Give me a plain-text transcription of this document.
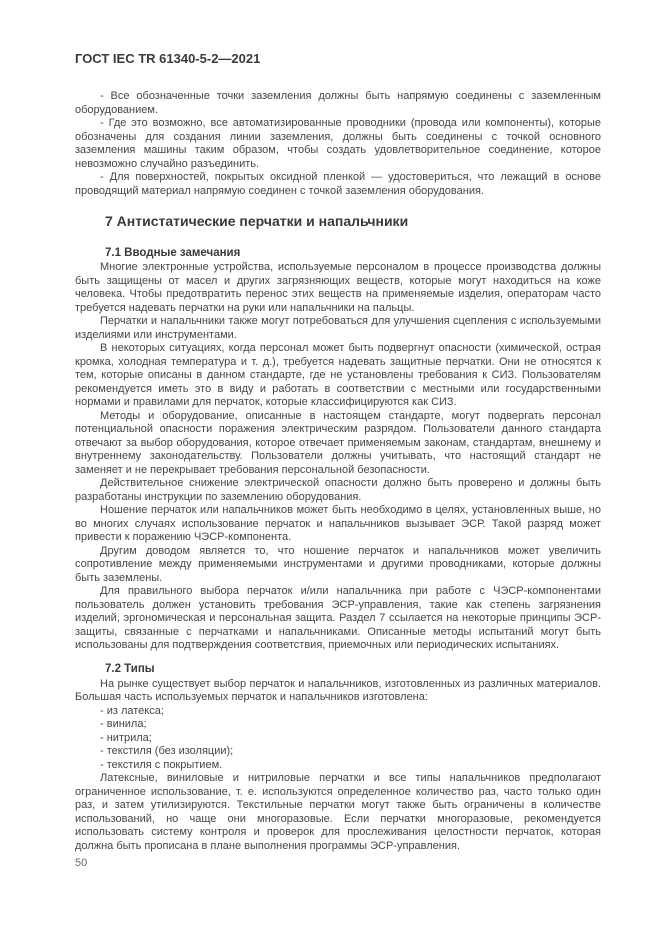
ГОСТ IEC TR 61340-5-2—2021

- Все обозначенные точки заземления должны быть напрямую соединены с заземленным оборудованием.

- Где это возможно, все автоматизированные проводники (провода или компоненты), которые обозначены для создания линии заземления, должны быть соединены с точкой основного заземления машины таким образом, чтобы создать удовлетворительное соединение, которое невозможно случайно разъединить.

- Для поверхностей, покрытых оксидной пленкой — удостовериться, что лежащий в основе проводящий материал напрямую соединен с точкой заземления оборудования.

7 Антистатические перчатки и напальчники
7.1 Вводные замечания

Многие электронные устройства, используемые персоналом в процессе производства должны быть защищены от масел и других загрязняющих веществ, которые могут находиться на коже человека. Чтобы предотвратить перенос этих веществ на применяемые изделия, операторам часто требуется надевать перчатки на руки или напальчники на пальцы.

Перчатки и напальчники также могут потребоваться для улучшения сцепления с используемыми изделиями или инструментами.

В некоторых ситуациях, когда персонал может быть подвергнут опасности (химической, острая кромка, холодная температура и т. д.), требуется надевать защитные перчатки. Они не относятся к тем, которые описаны в данном стандарте, где не установлены требования к СИЗ. Пользователям рекомендуется иметь это в виду и работать в соответствии с местными или государственными нормами и правилами для перчаток, которые классифицируются как СИЗ.

Методы и оборудование, описанные в настоящем стандарте, могут подвергать персонал потенциальной опасности поражения электрическим разрядом. Пользователи данного стандарта отвечают за выбор оборудования, которое отвечает применяемым законам, стандартам, внешнему и внутреннему законодательству. Пользователи должны учитывать, что настоящий стандарт не заменяет и не перекрывает требования персональной безопасности.

Действительное снижение электрической опасности должно быть проверено и должны быть разработаны инструкции по заземлению оборудования.

Ношение перчаток или напальчников может быть необходимо в целях, установленных выше, но во многих случаях использование перчаток и напальчников вызывает ЭСР. Такой разряд может привести к поражению ЧЭСР-компонента.

Другим доводом является то, что ношение перчаток и напальчников может увеличить сопротивление между применяемыми инструментами и другими проводниками, которые должны быть заземлены.

Для правильного выбора перчаток и/или напальчника при работе с ЧЭСР-компонентами пользователь должен установить требования ЭСР-управления, такие как степень загрязнения изделий, эргономическая и персональная защита. Раздел 7 ссылается на некоторые принципы ЭСР-защиты, связанные с перчатками и напальчниками. Описанные методы испытаний могут быть использованы для подтверждения соответствия, приемочных или периодических испытаниях.

7.2 Типы

На рынке существует выбор перчаток и напальчников, изготовленных из различных материалов. Большая часть используемых перчаток и напальчников изготовлена:

- из латекса;

- винила;

- нитрила;

- текстиля (без изоляции);

- текстиля с покрытием.

Латексные, виниловые и нитриловые перчатки и все типы напальчников предполагают ограниченное использование, т. е. используются определенное количество раз, часто только один раз, и затем утилизируются. Текстильные перчатки могут также быть ограничены в количестве использований, но чаще они многоразовые. Если перчатки многоразовые, рекомендуется использовать систему контроля и проверок для прослеживания целостности перчаток, которая должна быть прописана в плане выполнения программы ЭСР-управления.

50
